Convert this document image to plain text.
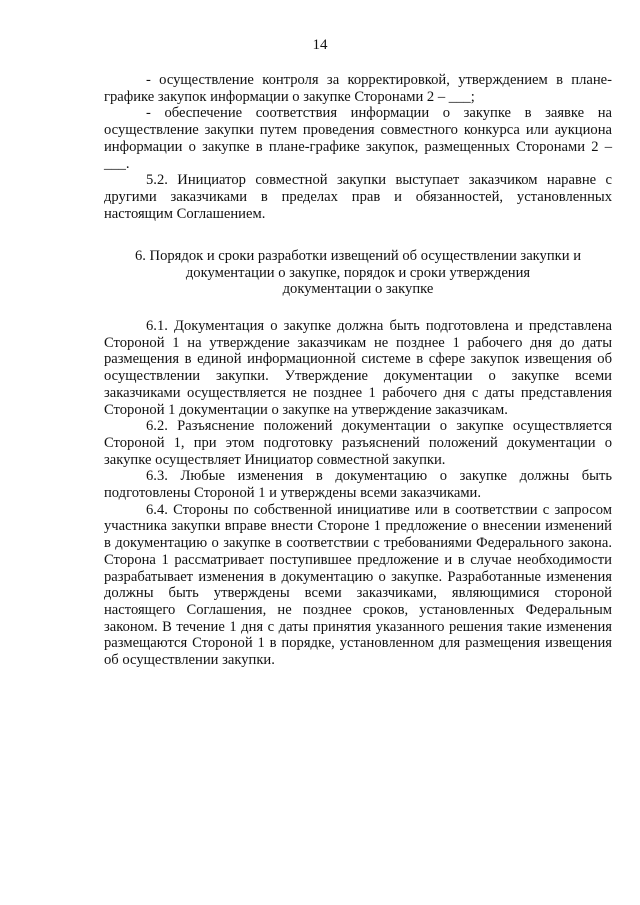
14

- осуществление контроля за корректировкой, утверждением в плане-графике закупок информации о закупке Сторонами 2 – ___;

- обеспечение соответствия информации о закупке в заявке на осуществление закупки путем проведения совместного конкурса или аукциона информации о закупке в плане-графике закупок, размещенных Сторонами 2 – ___.

5.2. Инициатор совместной закупки выступает заказчиком наравне с другими заказчиками в пределах прав и обязанностей, установленных настоящим Соглашением.

6. Порядок и сроки разработки извещений об осуществлении закупки и

документации о закупке, порядок и сроки утверждения

документации о закупке

6.1. Документация о закупке должна быть подготовлена и представлена Стороной 1 на утверждение заказчикам не позднее 1 рабочего дня до даты размещения в единой информационной системе в сфере закупок извещения об осуществлении закупки. Утверждение документации о закупке всеми заказчиками осуществляется не позднее 1 рабочего дня с даты представления Стороной 1 документации о закупке на утверждение заказчикам.

6.2. Разъяснение положений документации о закупке осуществляется Стороной 1, при этом подготовку разъяснений положений документации о закупке осуществляет Инициатор совместной закупки.

6.3. Любые изменения в документацию о закупке должны быть подготовлены Стороной 1 и утверждены всеми заказчиками.

6.4. Стороны по собственной инициативе или в соответствии с запросом участника закупки вправе внести Стороне 1 предложение о внесении изменений в документацию о закупке в соответствии с требованиями Федерального закона. Сторона 1 рассматривает поступившее предложение и в случае необходимости разрабатывает изменения в документацию о закупке. Разработанные изменения должны быть утверждены всеми заказчиками, являющимися стороной настоящего Соглашения, не позднее сроков, установленных Федеральным законом. В течение 1 дня с даты принятия указанного решения такие изменения размещаются Стороной 1 в порядке, установленном для размещения извещения об осуществлении закупки.
